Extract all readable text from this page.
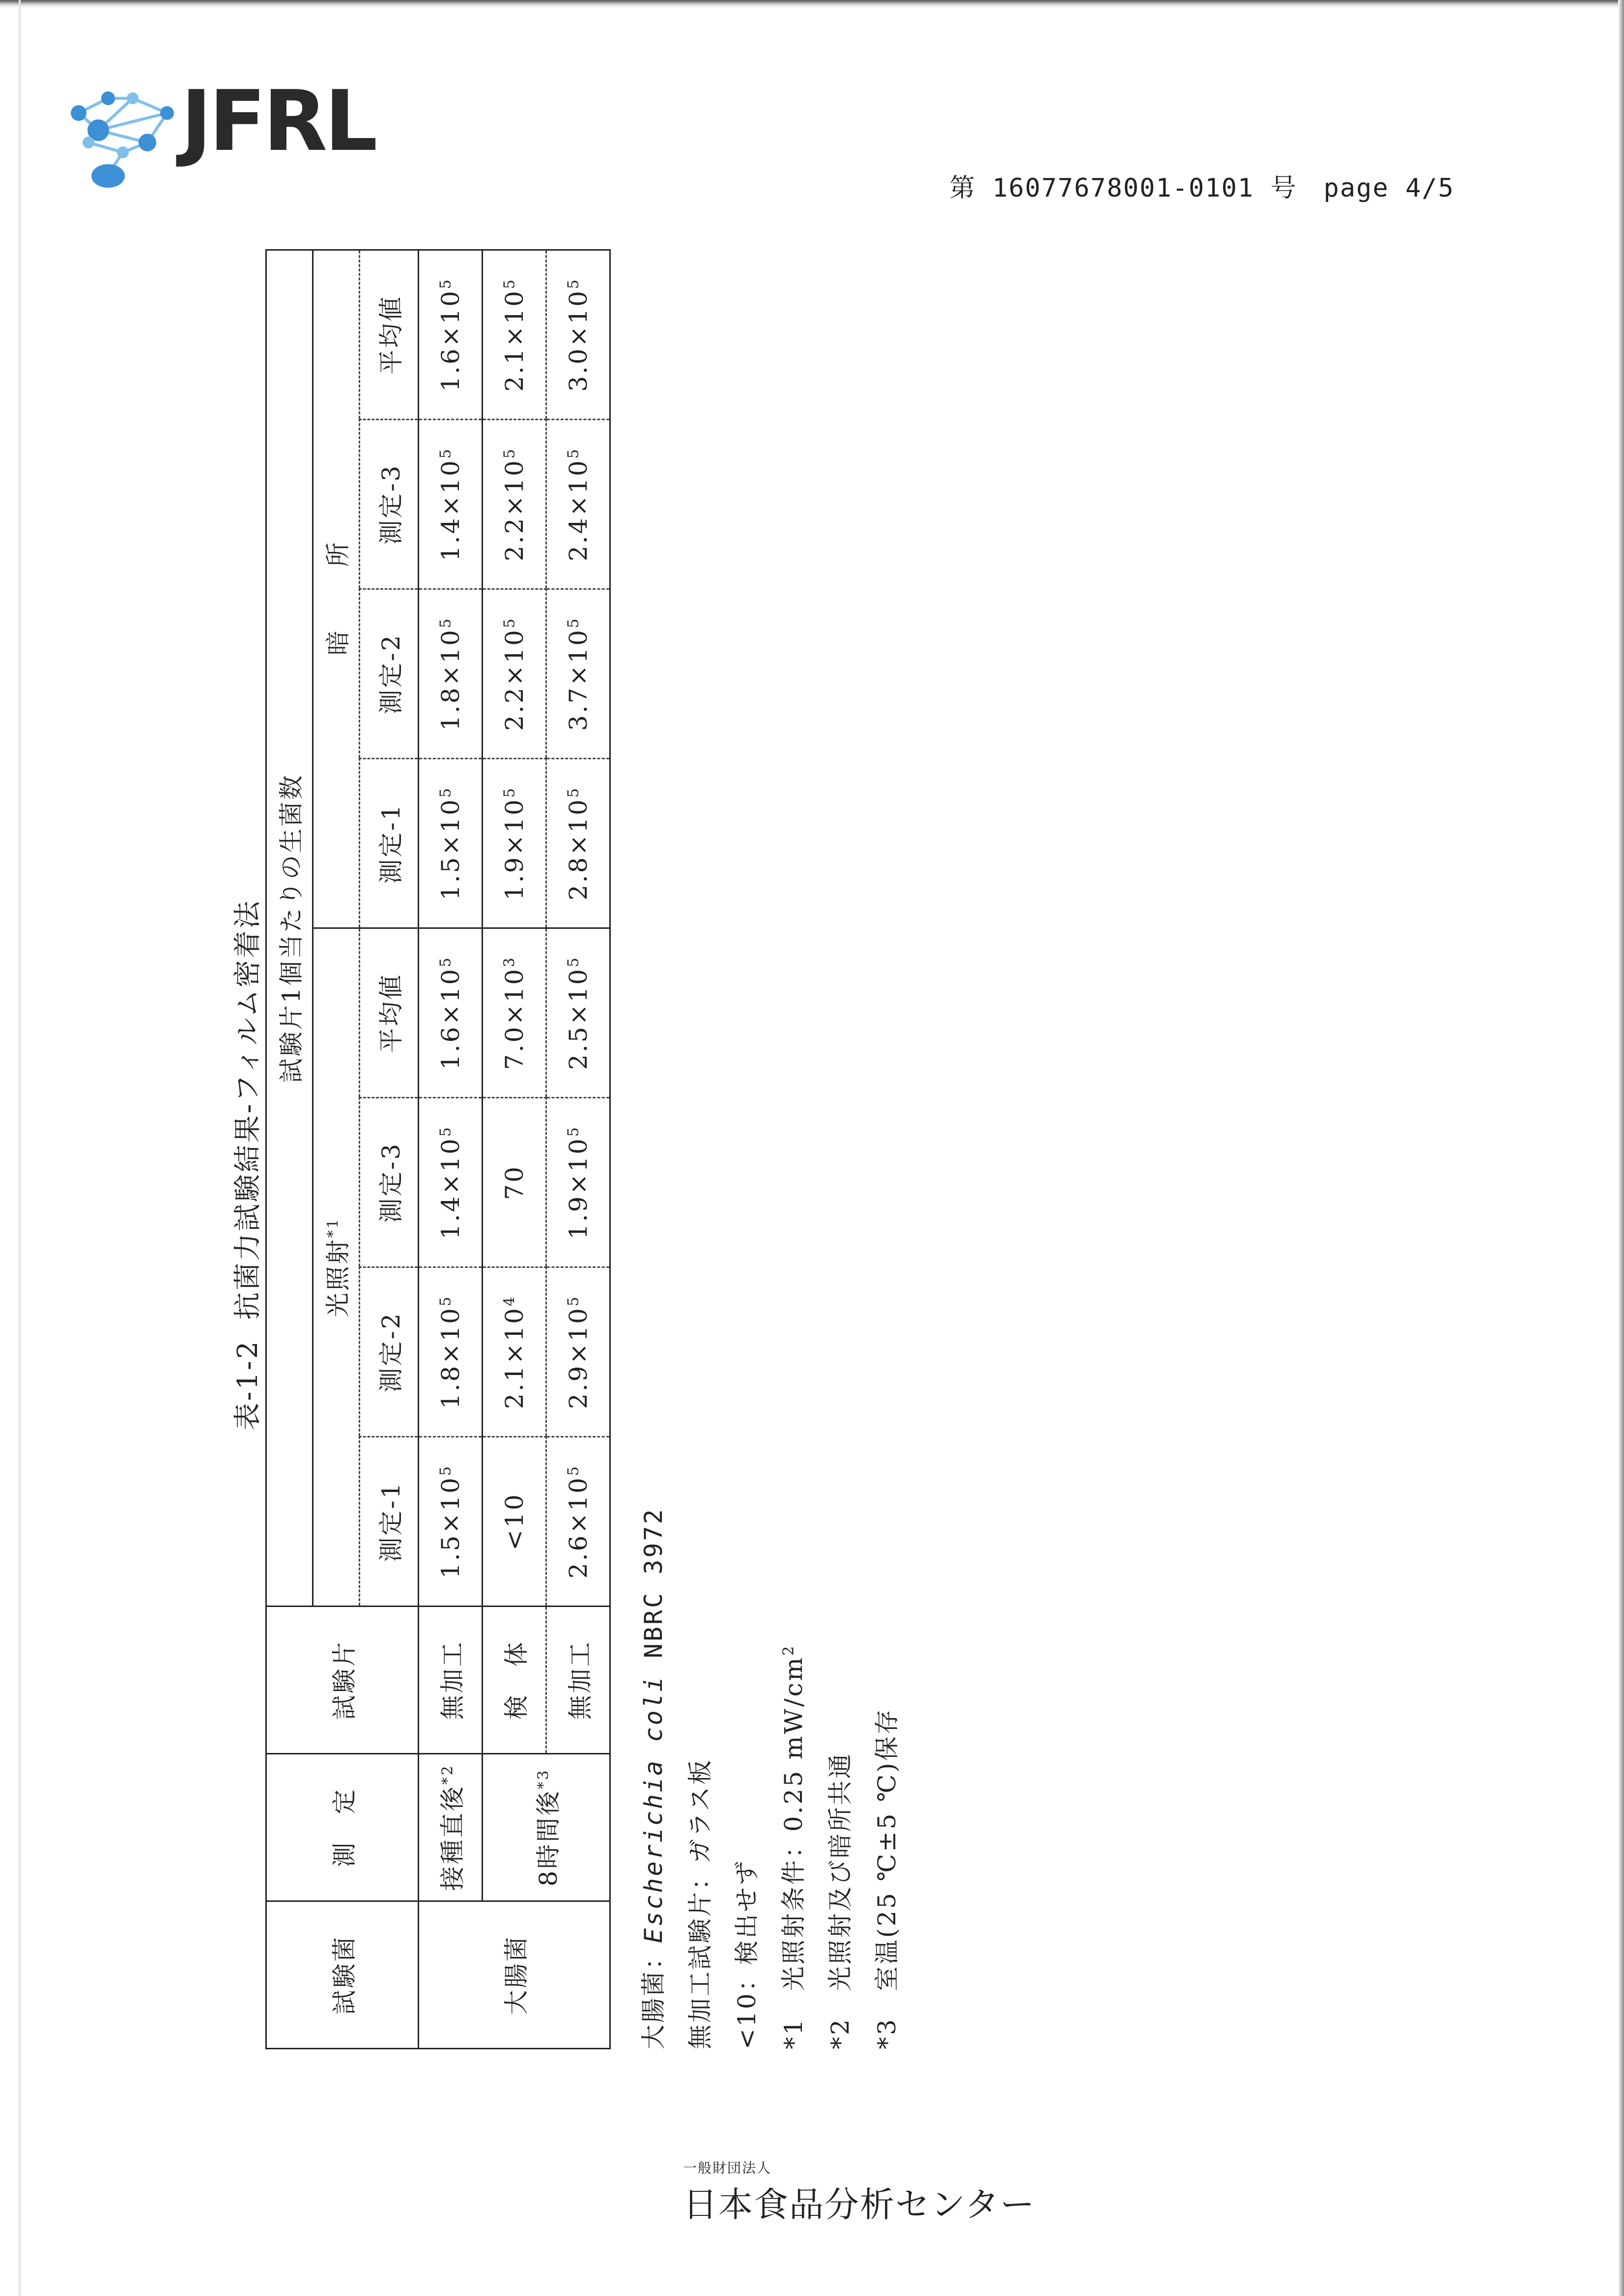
JFRL
第 16077678001-0101 号　page 4/5
表-1-2抗菌力試験結果-フィルム密着法
試験菌	測　定	試験片	試験片1個当たりの生菌数							
			光照射$^{*1}$				暗　所			
			測定-1	測定-2	測定-3	平均値	測定-1	測定-2	測定-3	平均値
大腸菌	接種直後$^{*2}$	無加工	$1.5\times 10^5$	$1.8\times 10^5$	$1.4\times 10^5$	$1.6\times 10^5$	$1.5\times 10^5$	$1.8\times 10^5$	$1.4\times 10^5$	$1.6\times 10^5$
	8時間後$^{*3}$	検　体	<10	$2.1\times 10^4$	70	$7.0\times 10^3$	$1.9\times 10^5$	$2.2\times 10^5$	$2.2\times 10^5$	$2.1\times 10^5$
		無加工	$2.6\times 10^5$	$2.9\times 10^5$	$1.9\times 10^5$	$2.5\times 10^5$	$2.8\times 10^5$	$3.7\times 10^5$	$2.4\times 10^5$	$3.0\times 10^5$
大腸菌：Escherichia coli NBRC 3972
無加工試験片：ガラス板 <10：検出せず *1　光照射条件：0.25 $mW/cm^2$
*2　光照射及び暗所共通
*3　室温(25 ℃±5 ℃)保存
一般財団法人
日本食品分析センター
